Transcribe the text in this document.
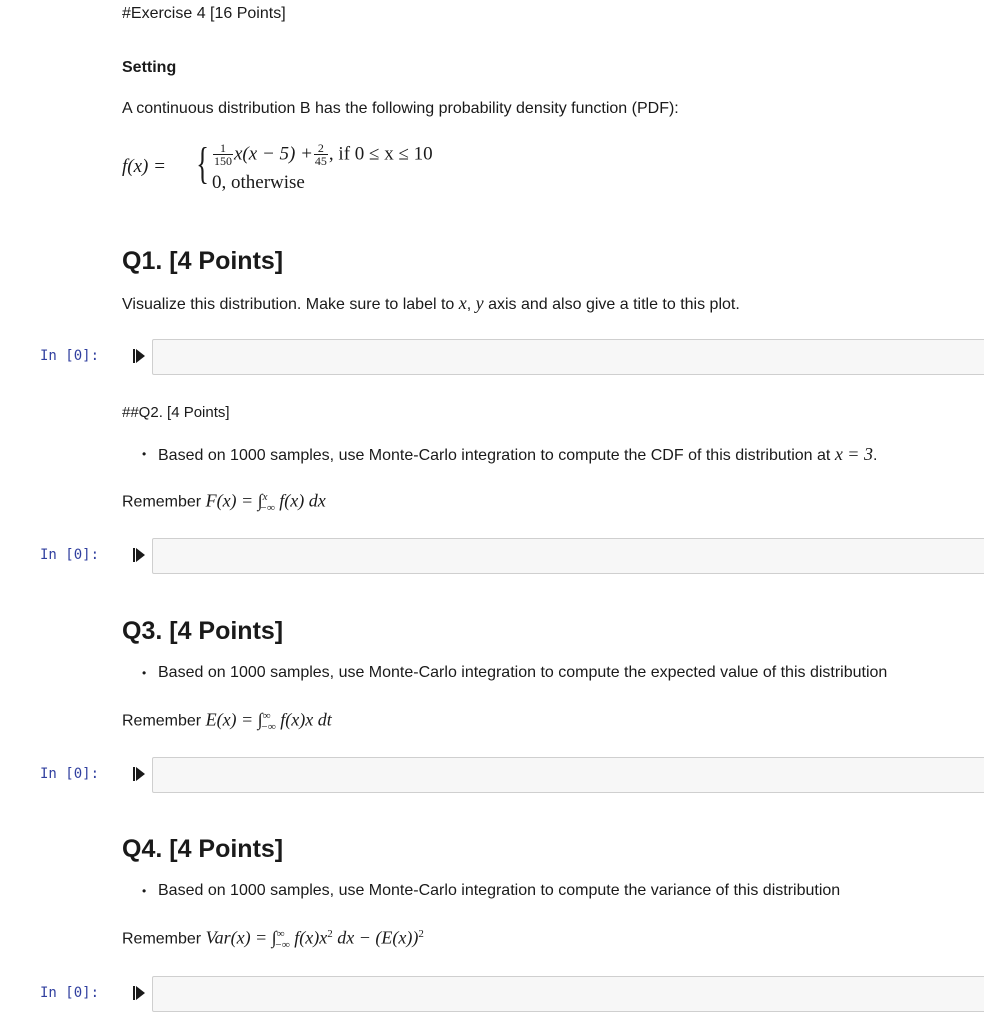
#Exercise 4 [16 Points]
Setting
A continuous distribution B has the following probability density function (PDF):
f(x) = { $\frac{1}{150} x(x - 5) + \frac{2}{45}$ , if 0 ≤ x ≤ 10
0, otherwise
Q1. [4 Points]
Visualize this distribution. Make sure to label to x, y axis and also give a title to this plot.
In [0]:
##Q2. [4 Points]
• Based on 1000 samples, use Monte-Carlo integration to compute the CDF of this distribution at x = 3.
Remember F(x) = ∫$^x_{-\infty}$ f(x) dx
In [0]:
Q3. [4 Points]
• Based on 1000 samples, use Monte-Carlo integration to compute the expected value of this distribution
Remember $E(x) = \int^\infty_{-\infty}$ f(x)x dt
In [0]:
Q4. [4 Points]
• Based on 1000 samples, use Monte-Carlo integration to compute the variance of this distribution
Remember $Var(x) = \int^\infty_{-\infty}$ $f(x)x^2$ dx − $(E(x))^2$
In [0]:
